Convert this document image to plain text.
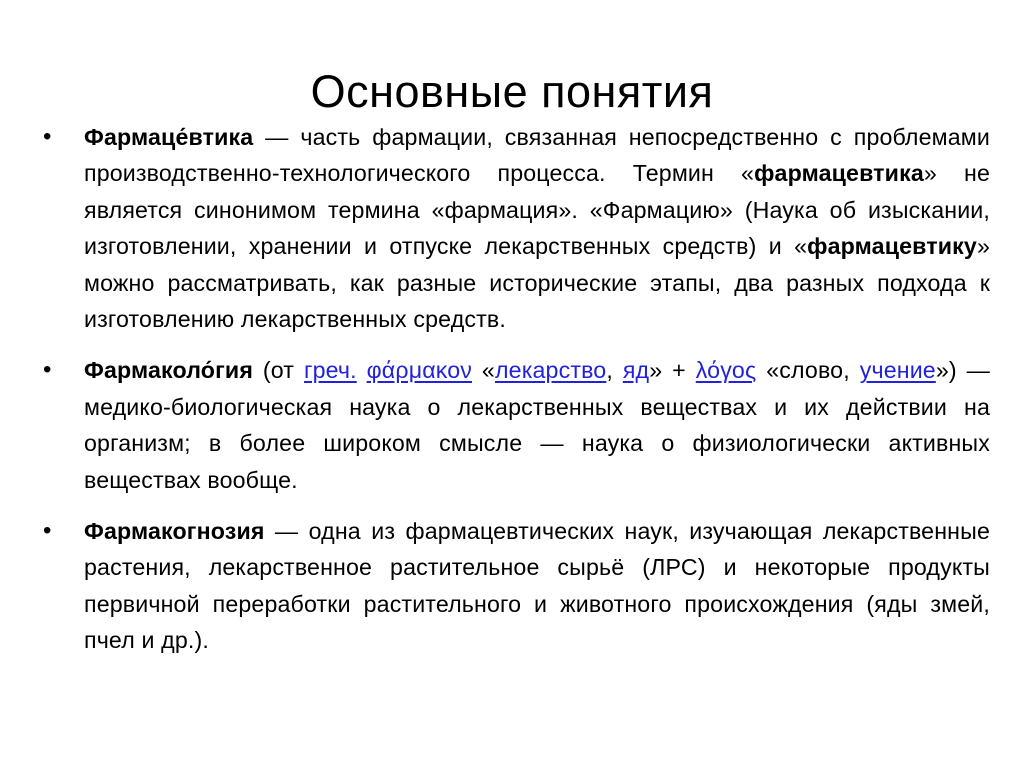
Основные понятия
• Фармаце́втика — часть фармации, связанная непосредственно с проблемами производственно-технологического процесса. Термин «фармацевтика» не является синонимом термина «фармация». «Фармацию» (Наука об изыскании, изготовлении, хранении и отпуске лекарственных средств) и «фармацевтику» можно рассматривать, как разные исторические этапы, два разных подхода к изготовлению лекарственных средств.
• Фармаколо́гия (от греч. φάρμακον «лекарство, яд» + λόγος «слово, учение») — медико-биологическая наука о лекарственных веществах и их действии на организм; в более широком смысле — наука о физиологически активных веществах вообще.
• Фармакогнозия — одна из фармацевтических наук, изучающая лекарственные растения, лекарственное растительное сырьё (ЛРС) и некоторые продукты первичной переработки растительного и животного происхождения (яды змей, пчел и др.).
